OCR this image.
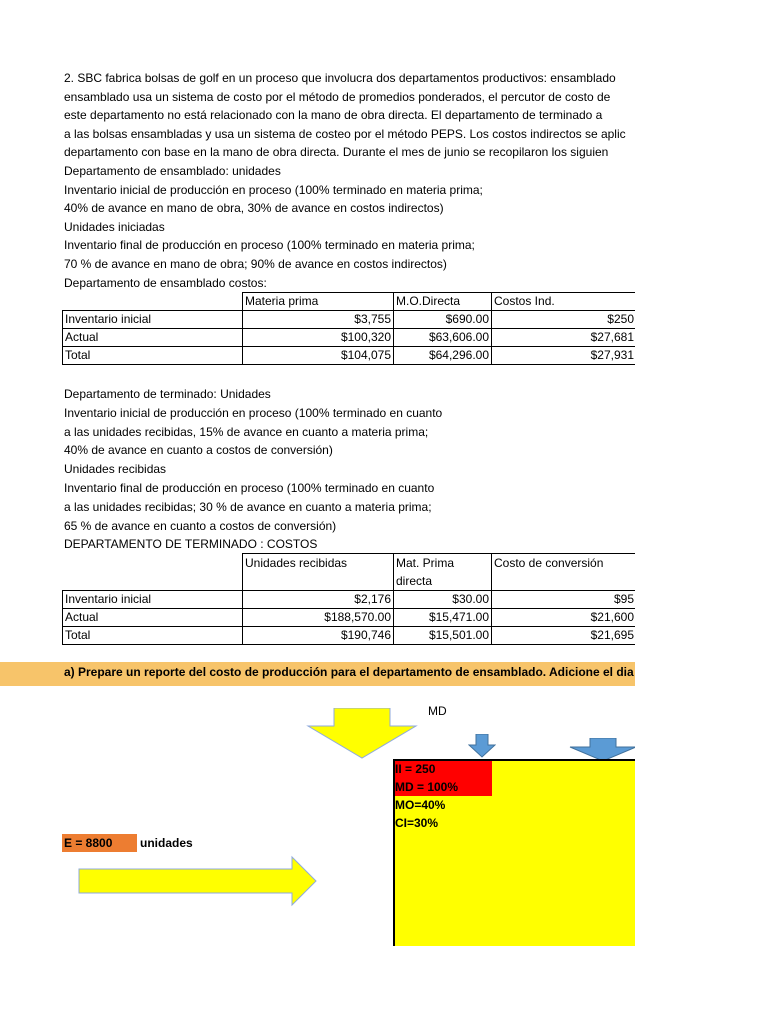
2. SBC fabrica bolsas de golf en un proceso que involucra dos departamentos productivos: ensamblado
ensamblado usa un sistema de costo por el método de promedios ponderados, el percutor de costo de
este departamento no está relacionado con la mano de obra directa. El departamento de terminado a
a las bolsas ensambladas y usa un sistema de costeo por el método PEPS. Los costos indirectos se aplic
departamento con base en la mano de obra directa. Durante el mes de junio se recopilaron los siguien
Departamento de ensamblado: unidades
Inventario inicial de producción en proceso (100% terminado en materia prima;
40% de avance en mano de obra, 30% de avance en costos indirectos)
Unidades iniciadas
Inventario final de producción en proceso (100% terminado en materia prima;
70 % de avance en mano de obra; 90% de avance en costos indirectos)
Departamento de ensamblado costos:
	Materia prima	M.O.Directa	Costos Ind.
Inventario inicial	$3,755	$690.00	$250
Actual	$100,320	$63,606.00	$27,681
Total	$104,075	$64,296.00	$27,931
Departamento de terminado: Unidades
Inventario inicial de producción en proceso (100% terminado en cuanto
a las unidades recibidas, 15% de avance en cuanto a materia prima;
40% de avance en cuanto a costos de conversión)
Unidades recibidas
Inventario final de producción en proceso (100% terminado en cuanto
a las unidades recibidas; 30 % de avance en cuanto a materia prima;
65 % de avance en cuanto a costos de conversión)
DEPARTAMENTO DE TERMINADO : COSTOS
	Unidades recibidas	Mat. Prima directa	Costo de conversión
Inventario inicial	$2,176	$30.00	$95
Actual	$188,570.00	$15,471.00	$21,600
Total	$190,746	$15,501.00	$21,695
a) Prepare un reporte del costo de producción para el departamento de ensamblado. Adicione el dia
MD
II = 250
MD = 100%
MO=40%
CI=30%
E = 8800 unidades
